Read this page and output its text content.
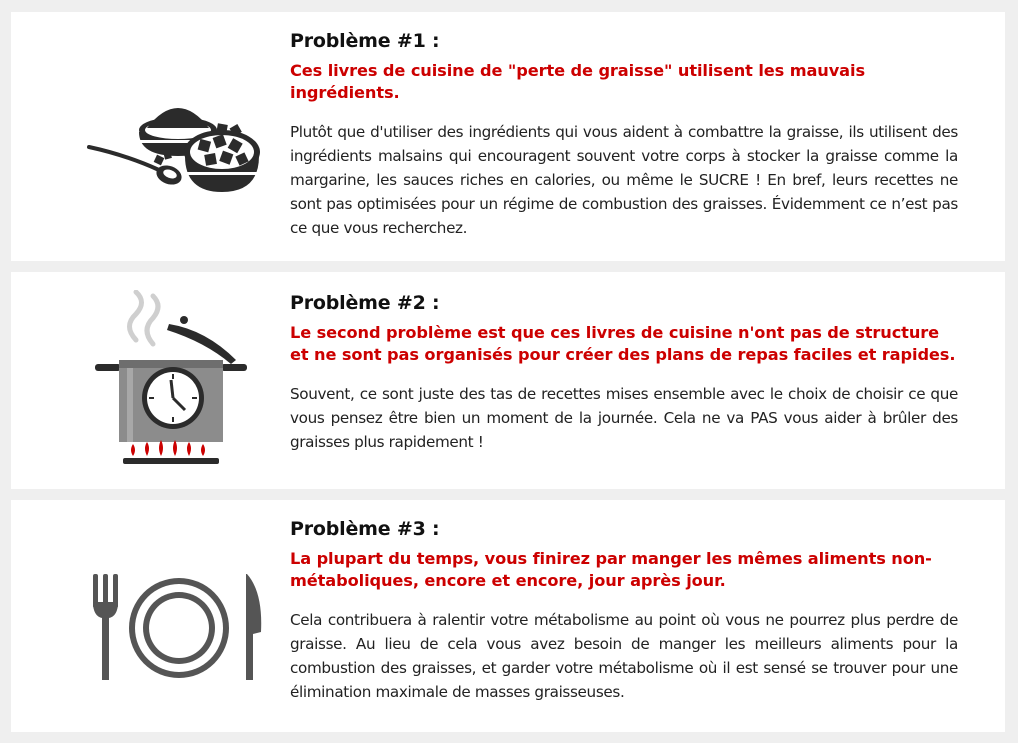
Problème #1 :
Ces livres de cuisine de "perte de graisse" utilisent les mauvais ingrédients.

Plutôt que d'utiliser des ingrédients qui vous aident à combattre la graisse, ils utilisent des ingrédients malsains qui encouragent souvent votre corps à stocker la graisse comme la margarine, les sauces riches en calories, ou même le SUCRE ! En bref, leurs recettes ne sont pas optimisées pour un régime de combustion des graisses. Évidemment ce n’est pas ce que vous recherchez.

Problème #2 :
Le second problème est que ces livres de cuisine n'ont pas de structure et ne sont pas organisés pour créer des plans de repas faciles et rapides.

Souvent, ce sont juste des tas de recettes mises ensemble avec le choix de choisir ce que vous pensez être bien un moment de la journée. Cela ne va PAS vous aider à brûler des graisses plus rapidement !

Problème #3 :
La plupart du temps, vous finirez par manger les mêmes aliments non-métaboliques, encore et encore, jour après jour.

Cela contribuera à ralentir votre métabolisme au point où vous ne pourrez plus perdre de graisse. Au lieu de cela vous avez besoin de manger les meilleurs aliments pour la combustion des graisses, et garder votre métabolisme où il est sensé se trouver pour une élimination maximale de masses graisseuses.
